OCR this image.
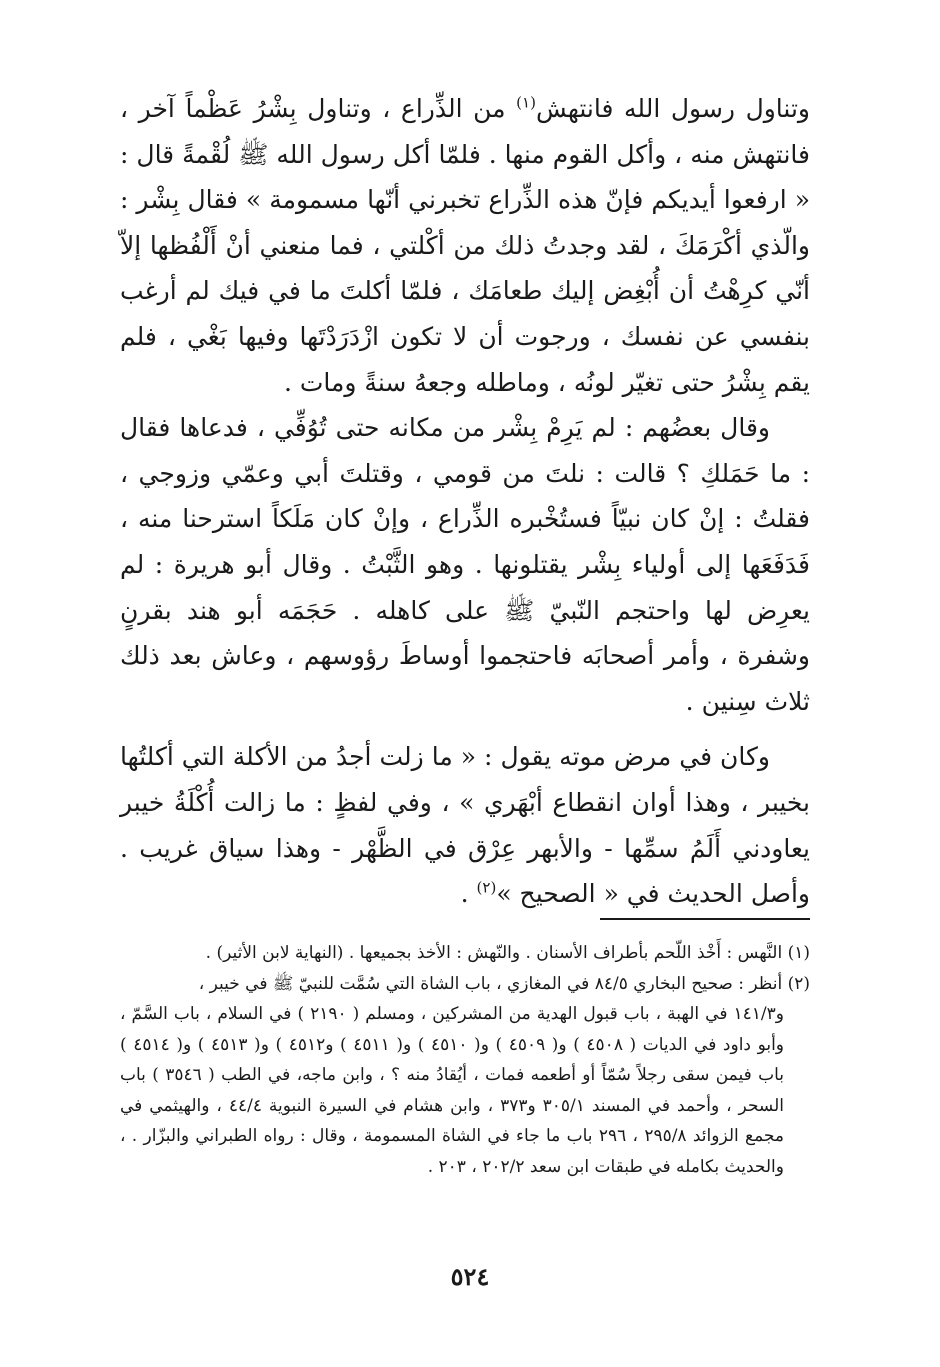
وتناول رسول الله فانتهش$^{(١)}$ من الذِّراع ، وتناول بِشْرُ عَظْماً آخر ، فانتهش منه ، وأكل القوم منها . فلمّا أكل رسول الله ﷺ لُقْمةً قال : « ارفعوا أيديكم فإنّ هذه الذِّراع تخبرني أنّها مسمومة » فقال بِشْر : والّذي أكْرَمَكَ ، لقد وجدتُ ذلك من أكْلتي ، فما منعني أنْ أَلْفُظها إلاّ أنّي كرِهْتُ أن أُبْغِض إليك طعامَك ، فلمّا أكلتَ ما في فيك لم أرغب بنفسي عن نفسك ، ورجوت أن لا تكون ازْدَرَدْتَها وفيها بَغْي ، فلم يقم بِشْرُ حتى تغيّر لونُه ، وماطله وجعهُ سنةً ومات .

وقال بعضُهم : لم يَرِمْ بِشْر من مكانه حتى تُوُفِّي ، فدعاها فقال : ما حَمَلكِ ؟ قالت : نلتَ من قومي ، وقتلتَ أبي وعمّي وزوجي ، فقلتُ : إنْ كان نبيّاً فستُخْبره الذِّراع ، وإنْ كان مَلَكاً استرحنا منه ، فَدَفَعَها إلى أولياء بِشْر يقتلونها . وهو الثَّبْتُ . وقال أبو هريرة : لم يعرِض لها واحتجم النّبيّ ﷺ على كاهله . حَجَمَه أبو هند بقرنٍ وشفرة ، وأمر أصحابَه فاحتجموا أوساطَ رؤوسهم ، وعاش بعد ذلك ثلاث سِنين .

وكان في مرض موته يقول : « ما زلت أجدُ من الأكلة التي أكلتُها بخيبر ، وهذا أوان انقطاع أبْهَري » ، وفي لفظٍ : ما زالت أُكْلَةُ خيبر يعاودني أَلَمُ سمِّها - والأبهر عِرْق في الظَّهْر - وهذا سياق غريب . وأصل الحديث في « الصحيح »$^{(٢)}$ .

(١) النَّهس : أَخْذ اللّحم بأطراف الأسنان . والنّهش : الأخذ بجميعها . (النهاية لابن الأثير) .

(٢) أنظر : صحيح البخاري ٨٤/٥ في المغازي ، باب الشاة التي سُمَّت للنبيّ ﷺ في خيبر ،

و١٤١/٣ في الهبة ، باب قبول الهدية من المشركين ، ومسلم ( ٢١٩٠ ) في السلام ، باب السَّمّ ، وأبو داود في الديات ( ٤٥٠٨ ) و( ٤٥٠٩ ) و( ٤٥١٠ ) و( ٤٥١١ ) و٤٥١٢ ) و( ٤٥١٣ ) و( ٤٥١٤ ) باب فيمن سقى رجلاً سُمّاً أو أطعمه فمات ، أيُقادُ منه ؟ ، وابن ماجه، في الطب ( ٣٥٤٦ ) باب السحر ، وأحمد في المسند ٣٠٥/١ و٣٧٣ ، وابن هشام في السيرة النبوية ٤٤/٤ ، والهيثمي في مجمع الزوائد ٢٩٥/٨ ، ٢٩٦ باب ما جاء في الشاة المسمومة ، وقال : رواه الطبراني والبزّار . ، والحديث بكامله في طبقات ابن سعد ٢٠٢/٢ ، ٢٠٣ .

٥٢٤
